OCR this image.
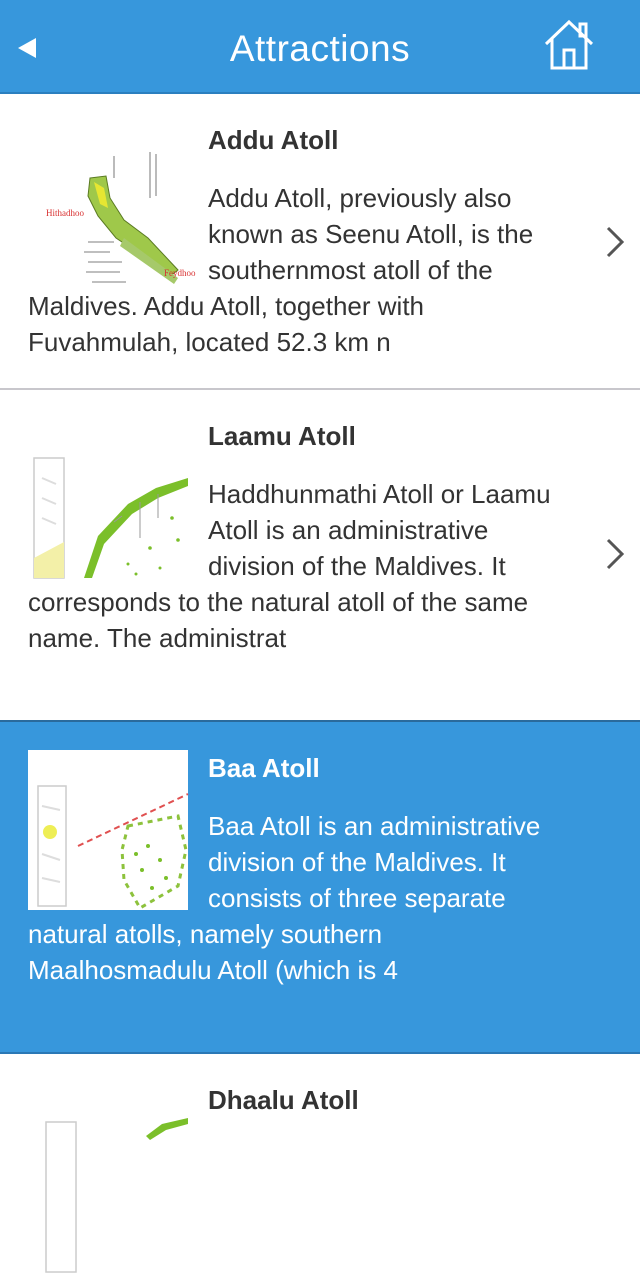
Attractions
Hithadhoo
Feydhoo
Addu Atoll
Addu Atoll, previously also known as Seenu Atoll, is the southernmost atoll of the Maldives. Addu Atoll, together with Fuvahmulah, located 52.3 km n
Laamu Atoll
Haddhunmathi Atoll or Laamu Atoll is an administrative division of the Maldives. It corresponds to the natural atoll of the same name. The administrat
Baa Atoll
Baa Atoll is an administrative division of the Maldives. It consists of three separate natural atolls, namely southern Maalhosmadulu Atoll (which is 4
Dhaalu Atoll
